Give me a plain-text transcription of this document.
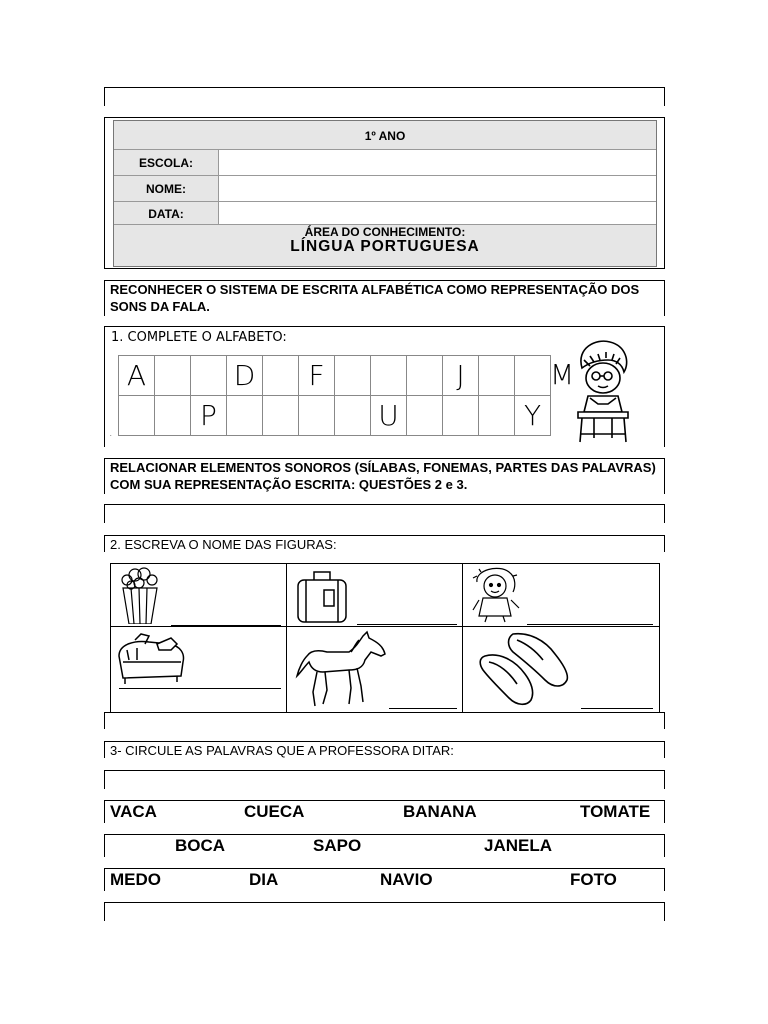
1º ANO
ESCOLA:
NOME:
DATA:
ÁREA DO CONHECIMENTO:
LÍNGUA PORTUGUESA
RECONHECER O SISTEMA DE ESCRITA ALFABÉTICA COMO REPRESENTAÇÃO DOS SONS DA FALA.
1. COMPLETE O ALFABETO:
.
A			D		F				J		
		P					U				Y
RELACIONAR ELEMENTOS SONOROS (SÍLABAS, FONEMAS, PARTES DAS PALAVRAS) COM SUA REPRESENTAÇÃO ESCRITA: QUESTÕES 2 e 3.
2. ESCREVA O NOME DAS FIGURAS:
3- CIRCULE AS PALAVRAS QUE A PROFESSORA DITAR:
VACA	CUECA	BANANA	TOMATE
BOCA	SAPO	JANELA
MEDO	DIA	NAVIO	FOTO
M
